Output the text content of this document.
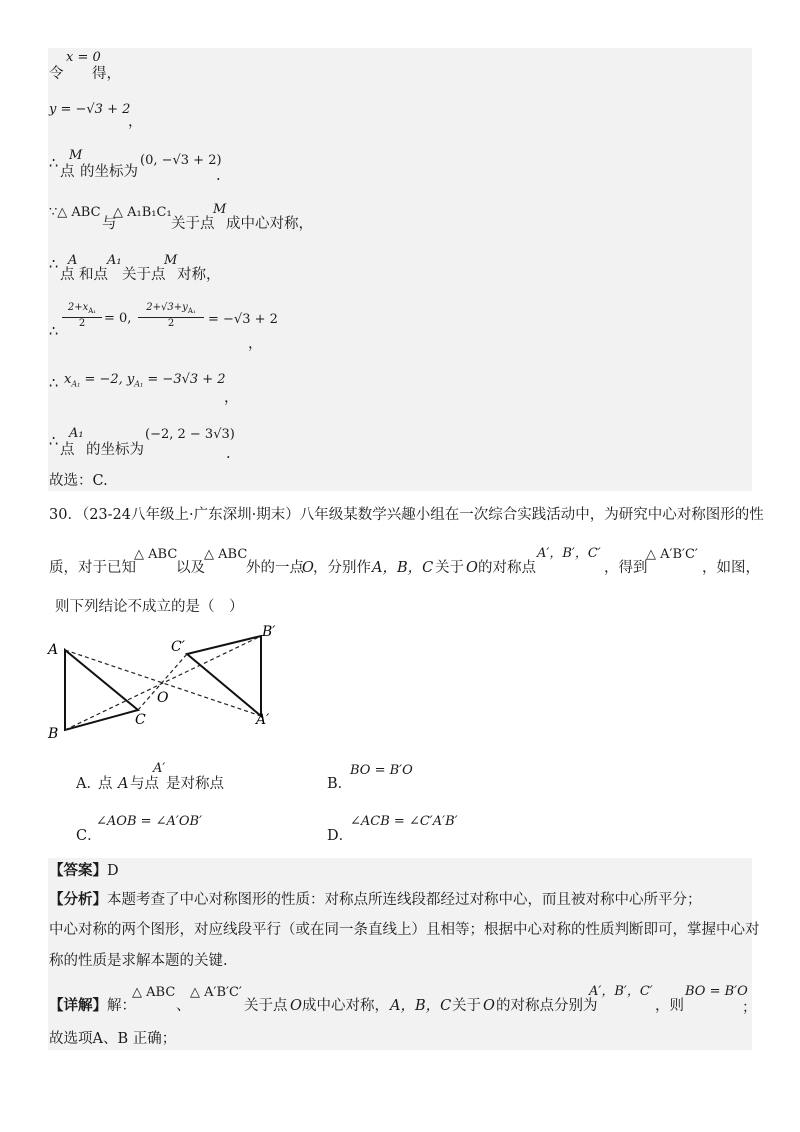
令
x = 0
得，
y = −√3 + 2
，
∴ 点
M
的坐标为
(0, −√3 + 2)
.
∵△ ABC
与
△ A₁B₁C₁
关于点
M
成中心对称，
∴
点
A
和点
A₁
关于点
M
对称，
∴
$2+x_{A_1}$
2	= 0,
$2+√3+y_{A_1}$
2	= −√3 + 2
，
∴ $x_{A_1} = -2$, $y_{A_1} = -3√3 + 2$
，
∴ 点
A₁
的坐标为
(−2, 2 − 3√3)
.
故选：C.
30．（23-24八年级上·广东深圳·期末）八年级某数学兴趣小组在一次综合实践活动中，为研究中心对称图形的性
质，对于已知
△ ABC
以及
△ ABC
外的一点
O ，分别作 A，B，C 关于 O 的对称点
A′，B′，C′
，得到
△ A′B′C′
，如图，
则下列结论不成立的是（　）
A
B
C
O
A′
B′
C′
A．
点 A 与点
A′
是对称点	B．
BO = B′O
C．
∠AOB = ∠A′OB′
D．
∠ACB = ∠C′A′B′
【答案】 D
【分析】 本题考查了中心对称图形的性质：对称点所连线段都经过对称中心，而且被对称中心所平分；
中心对称的两个图形，对应线段平行（或在同一条直线上）且相等；根据中心对称的性质判断即可，掌握中心对
称的性质是求解本题的关键.
【详解】 解：
△ ABC
、
△ A′B′C′
关于点 O 成中心对称， A，B，C 关于 O 的对称点分别为
A′，B′，C′
，则
BO = B′O
；
故选项A、B 正确；
